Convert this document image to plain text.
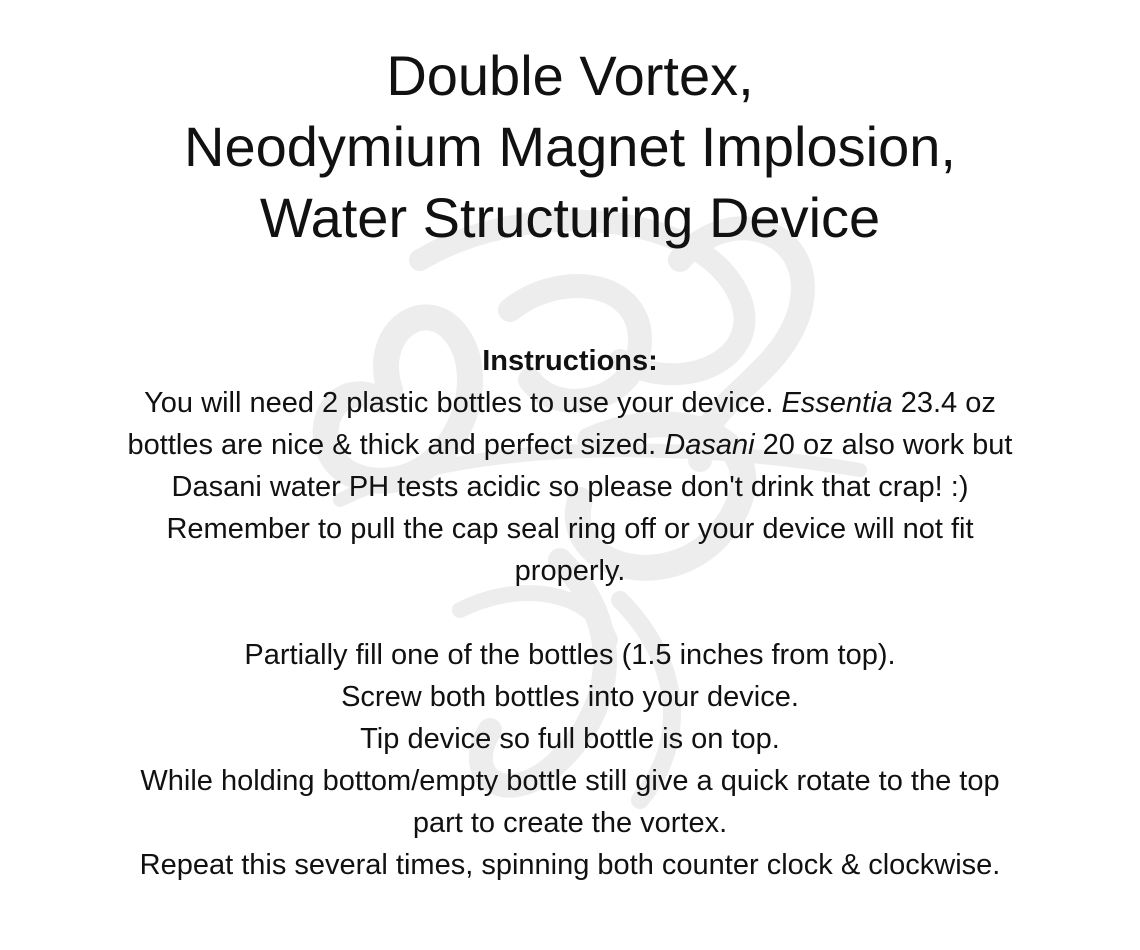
Double Vortex,
Neodymium Magnet Implosion,
Water Structuring Device
Instructions:
You will need 2 plastic bottles to use your device. Essentia 23.4 oz
bottles are nice & thick and perfect sized. Dasani 20 oz also work but
Dasani water PH tests acidic so please don't drink that crap! :)
Remember to pull the cap seal ring off or your device will not fit
properly.
Partially fill one of the bottles (1.5 inches from top).
Screw both bottles into your device.
Tip device so full bottle is on top.
While holding bottom/empty bottle still give a quick rotate to the top
part to create the vortex.
Repeat this several times, spinning both counter clock & clockwise.
